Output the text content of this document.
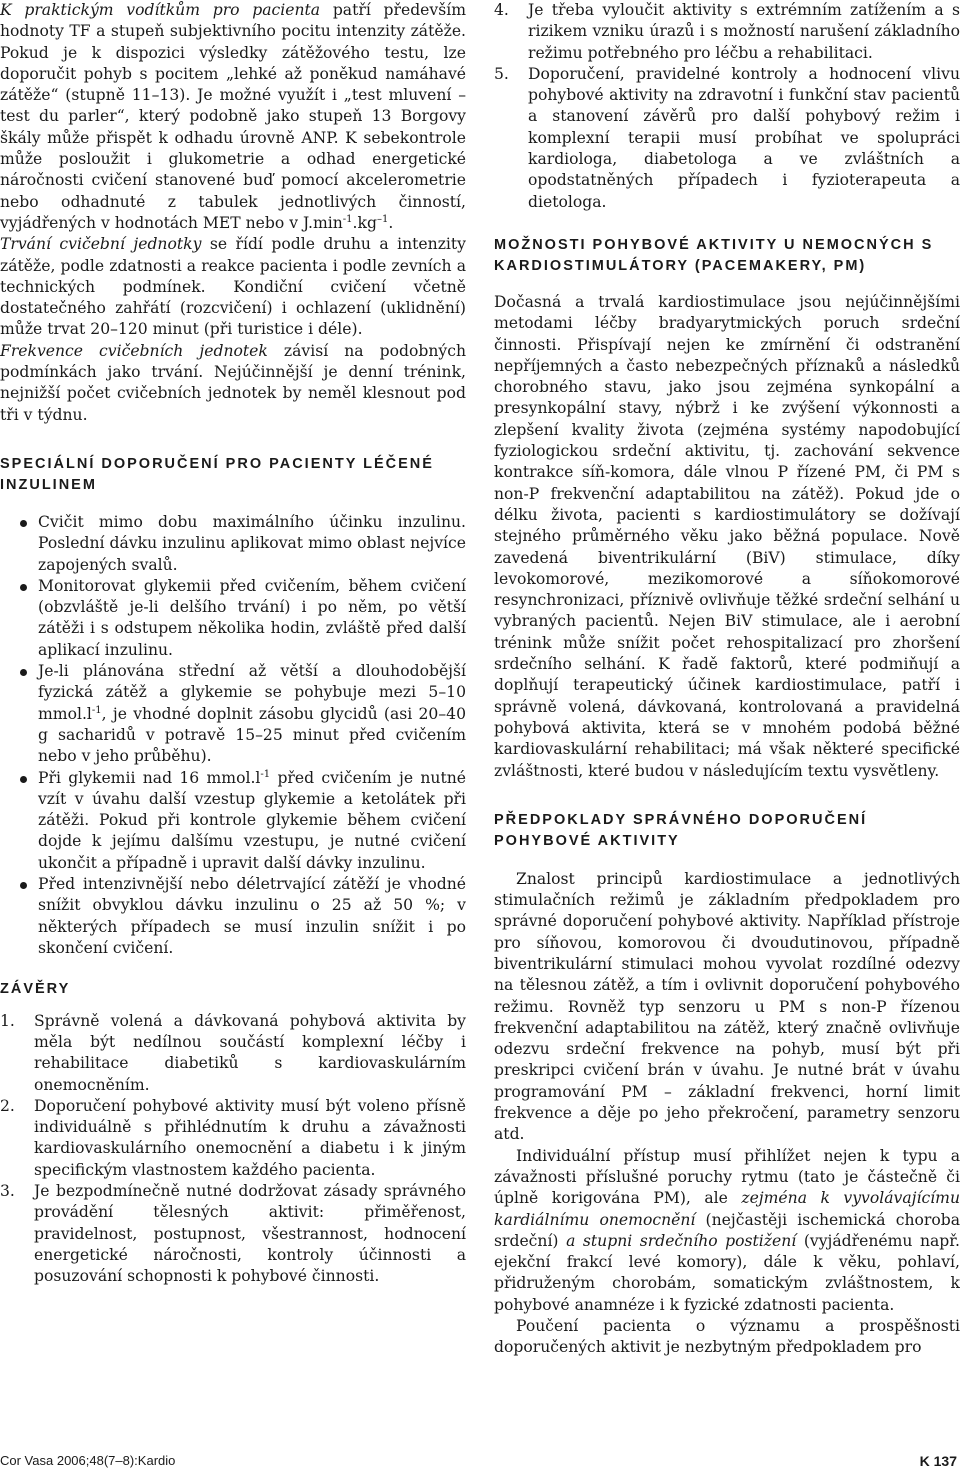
K praktickým vodítkům pro pacienta patří především hodnoty TF a stupeň subjektivního pocitu intenzity zátěže. Pokud je k dispozici výsledky zátěžového testu, lze doporučit pohyb s pocitem „lehké až poněkud namáhavé zátěže“ (stupně 11–13). Je možné využít i „test mluvení – test du parler“, který podobně jako stupeň 13 Borgovy škály může přispět k odhadu úrovně ANP. K sebekontrole může posloužit i glukometrie a odhad energetické náročnosti cvičení stanovené buď pomocí akcelerometrie nebo odhadnuté z tabulek jednotlivých činností, vyjádřených v hodnotách MET nebo v $J.\min^{-1}.kg^{-1}$.

Trvání cvičební jednotky se řídí podle druhu a intenzity zátěže, podle zdatnosti a reakce pacienta i podle zevních a technických podmínek. Kondiční cvičení včetně dostatečného zahřátí (rozcvičení) i ochlazení (uklidnění) může trvat 20–120 minut (při turistice i déle).

Frekvence cvičebních jednotek závisí na podobných podmínkách jako trvání. Nejúčinnější je denní trénink, nejnižší počet cvičebních jednotek by neměl klesnout pod tři v týdnu.

SPECIÁLNÍ DOPORUČENÍ PRO PACIENTY LÉČENÉ INZULINEM
Cvičit mimo dobu maximálního účinku inzulinu. Poslední dávku inzulinu aplikovat mimo oblast nejvíce zapojených svalů.
Monitorovat glykemii před cvičením, během cvičení (obzvláště je-li delšího trvání) i po něm, po větší zátěži i s odstupem několika hodin, zvláště před další aplikací inzulinu.
Je-li plánována střední až větší a dlouhodobější fyzická zátěž a glykemie se pohybuje mezi 5–10 $mmol.l^{-1}$, je vhodné doplnit zásobu glycidů (asi 20–40 g sacharidů v potravě 15–25 minut před cvičením nebo v jeho průběhu).
Při glykemii nad 16 $mmol.l^{-1}$ před cvičením je nutné vzít v úvahu další vzestup glykemie a ketolátek při zátěži. Pokud při kontrole glykemie během cvičení dojde k jejímu dalšímu vzestupu, je nutné cvičení ukončit a případně i upravit další dávky inzulinu.
Před intenzivnější nebo déletrvající zátěží je vhodné snížit obvyklou dávku inzulinu o 25 až 50 %; v některých případech se musí inzulin snížit i po skončení cvičení.
ZÁVĚRY
1. Správně volená a dávkovaná pohybová aktivita by měla být nedílnou součástí komplexní léčby i rehabilitace diabetiků s kardiovaskulárním onemocněním.
2. Doporučení pohybové aktivity musí být voleno přísně individuálně s přihlédnutím k druhu a závažnosti kardiovaskulárního onemocnění a diabetu i k jiným specifickým vlastnostem každého pacienta.
3. Je bezpodmínečně nutné dodržovat zásady správného provádění tělesných aktivit: přiměřenost, pravidelnost, postupnost, všestrannost, hodnocení energetické náročnosti, kontroly účinnosti a posuzování schopnosti k pohybové činnosti.
4. Je třeba vyloučit aktivity s extrémním zatížením a s rizikem vzniku úrazů i s možností narušení základního režimu potřebného pro léčbu a rehabilitaci.
5. Doporučení, pravidelné kontroly a hodnocení vlivu pohybové aktivity na zdravotní i funkční stav pacientů a stanovení závěrů pro další pohybový režim i komplexní terapii musí probíhat ve spolupráci kardiologa, diabetologa a ve zvláštních a opodstatněných případech i fyzioterapeuta a dietologa.
MOŽNOSTI POHYBOVÉ AKTIVITY U NEMOCNÝCH S KARDIOSTIMULÁTORY (PACEMAKERY, PM)

Dočasná a trvalá kardiostimulace jsou nejúčinnějšími metodami léčby bradyarytmických poruch srdeční činnosti. Přispívají nejen ke zmírnění či odstranění nepříjemných a často nebezpečných příznaků a následků chorobného stavu, jako jsou zejména synkopální a presynkopální stavy, nýbrž i ke zvýšení výkonnosti a zlepšení kvality života (zejména systémy napodobující fyziologickou srdeční aktivitu, tj. zachování sekvence kontrakce síň-komora, dále vlnou P řízené PM, či PM s non-P frekvenční adaptabilitou na zátěž). Pokud jde o délku života, pacienti s kardiostimulátory se dožívají stejného průměrného věku jako běžná populace. Nově zavedená biventrikulární (BiV) stimulace, díky levokomorové, mezikomorové a síňokomorové resynchronizaci, příznivě ovlivňuje těžké srdeční selhání u vybraných pacientů. Nejen BiV stimulace, ale i aerobní trénink může snížit počet rehospitalizací pro zhoršení srdečního selhání. K řadě faktorů, které podmiňují a doplňují terapeutický účinek kardiostimulace, patří i správně volená, dávkovaná, kontrolovaná a pravidelná pohybová aktivita, která se v mnohém podobá běžné kardiovaskulární rehabilitaci; má však některé specifické zvláštnosti, které budou v následujícím textu vysvětleny.

PŘEDPOKLADY SPRÁVNÉHO DOPORUČENÍ POHYBOVÉ AKTIVITY

Znalost principů kardiostimulace a jednotlivých stimulačních režimů je základním předpokladem pro správné doporučení pohybové aktivity. Například přístroje pro síňovou, komorovou či dvoudutinovou, případně biventrikulární stimulaci mohou vyvolat rozdílné odezvy na tělesnou zátěž, a tím i ovlivnit doporučení pohybového režimu. Rovněž typ senzoru u PM s non-P řízenou frekvenční adaptabilitou na zátěž, který značně ovlivňuje odezvu srdeční frekvence na pohyb, musí být při preskripci cvičení brán v úvahu. Je nutné brát v úvahu programování PM – základní frekvenci, horní limit frekvence a děje po jeho překročení, parametry senzoru atd.

Individuální přístup musí přihlížet nejen k typu a závažnosti příslušné poruchy rytmu (tato je částečně či úplně korigována PM), ale zejména k vyvolávajícímu kardiálnímu onemocnění (nejčastěji ischemická choroba srdeční) a stupni srdečního postižení (vyjádřenému např. ejekční frakcí levé komory), dále k věku, pohlaví, přidruženým chorobám, somatickým zvláštnostem, k pohybové anamnéze i k fyzické zdatnosti pacienta.

Poučení pacienta o významu a prospěšnosti doporučených aktivit je nezbytným předpokladem pro

Cor Vasa 2006;48(7–8):Kardio	K 137
